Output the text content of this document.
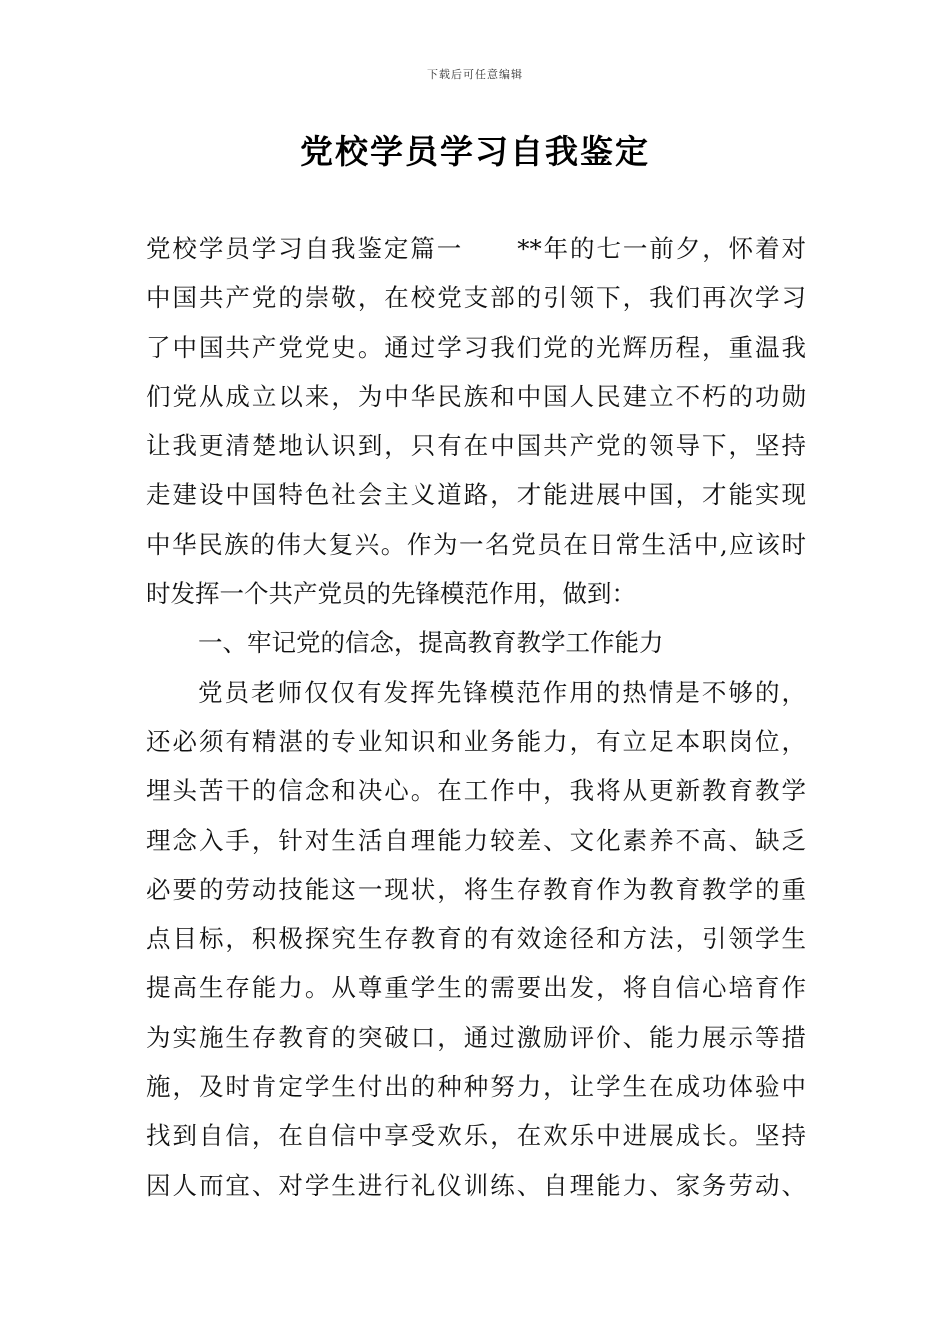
下载后可任意编辑
党校学员学习自我鉴定
党校学员学习自我鉴定篇一 **年的七一前夕，怀着对
中国共产党的崇敬，在校党支部的引领下，我们再次学习
了中国共产党党史。通过学习我们党的光辉历程，重温我
们党从成立以来，为中华民族和中国人民建立不朽的功勋
让我更清楚地认识到，只有在中国共产党的领导下，坚持
走建设中国特色社会主义道路，才能进展中国，才能实现
中华民族的伟大复兴。作为一名党员在日常生活中,应该时
时发挥一个共产党员的先锋模范作用，做到：
一、牢记党的信念，提高教育教学工作能力
党员老师仅仅有发挥先锋模范作用的热情是不够的，
还必须有精湛的专业知识和业务能力，有立足本职岗位，
埋头苦干的信念和决心。在工作中，我将从更新教育教学
理念入手，针对生活自理能力较差、文化素养不高、缺乏
必要的劳动技能这一现状，将生存教育作为教育教学的重
点目标，积极探究生存教育的有效途径和方法，引领学生
提高生存能力。从尊重学生的需要出发，将自信心培育作
为实施生存教育的突破口，通过激励评价、能力展示等措
施，及时肯定学生付出的种种努力，让学生在成功体验中
找到自信，在自信中享受欢乐，在欢乐中进展成长。坚持
因人而宜、对学生进行礼仪训练、自理能力、家务劳动、
